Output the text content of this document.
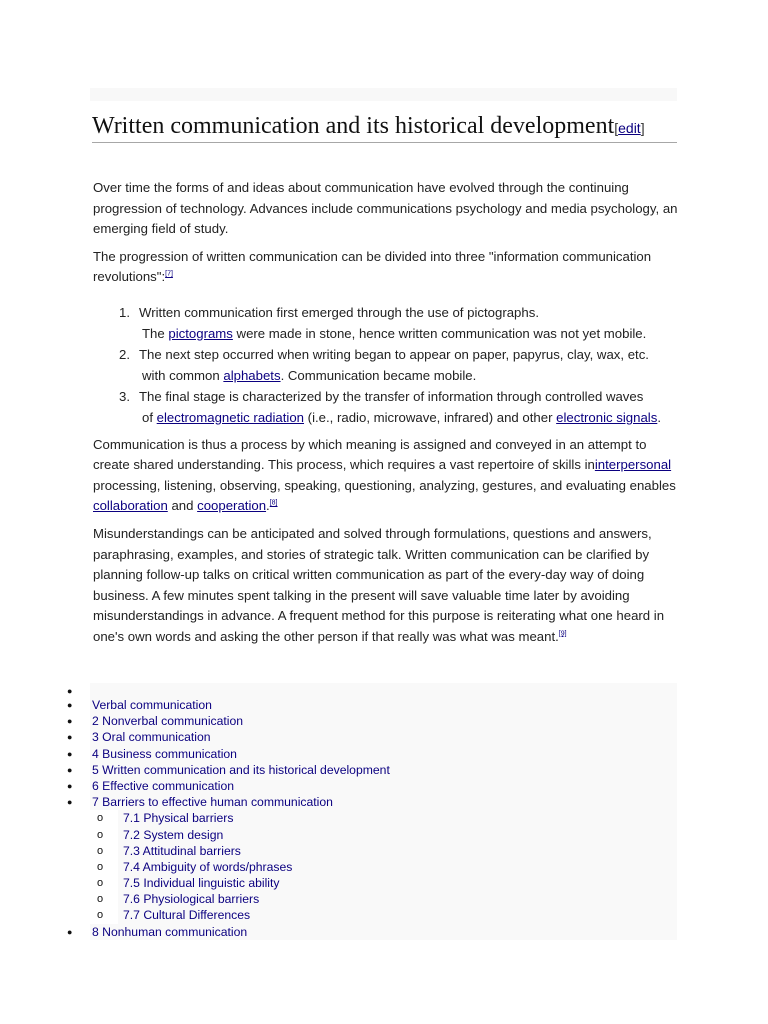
Written communication and its historical development[edit]

Over time the forms of and ideas about communication have evolved through the continuing progression of technology. Advances include communications psychology and media psychology, an emerging field of study.

The progression of written communication can be divided into three "information communication revolutions":[7]

1. Written communication first emerged through the use of pictographs.
The pictograms were made in stone, hence written communication was not yet mobile.
2. The next step occurred when writing began to appear on paper, papyrus, clay, wax, etc.
with common alphabets. Communication became mobile.
3. The final stage is characterized by the transfer of information through controlled waves
of electromagnetic radiation (i.e., radio, microwave, infrared) and other electronic signals.

Communication is thus a process by which meaning is assigned and conveyed in an attempt to create shared understanding. This process, which requires a vast repertoire of skills ininterpersonal processing, listening, observing, speaking, questioning, analyzing, gestures, and evaluating enables collaboration and cooperation.[8]

Misunderstandings can be anticipated and solved through formulations, questions and answers, paraphrasing, examples, and stories of strategic talk. Written communication can be clarified by planning follow-up talks on critical written communication as part of the every-day way of doing business. A few minutes spent talking in the present will save valuable time later by avoiding misunderstandings in advance. A frequent method for this purpose is reiterating what one heard in one's own words and asking the other person if that really was what was meant.[9]

●
● Verbal communication
● 2 Nonverbal communication
● 3 Oral communication
● 4 Business communication
● 5 Written communication and its historical development
● 6 Effective communication
● 7 Barriers to effective human communication
o 7.1 Physical barriers
o 7.2 System design
o 7.3 Attitudinal barriers
o 7.4 Ambiguity of words/phrases
o 7.5 Individual linguistic ability
o 7.6 Physiological barriers
o 7.7 Cultural Differences
● 8 Nonhuman communication
